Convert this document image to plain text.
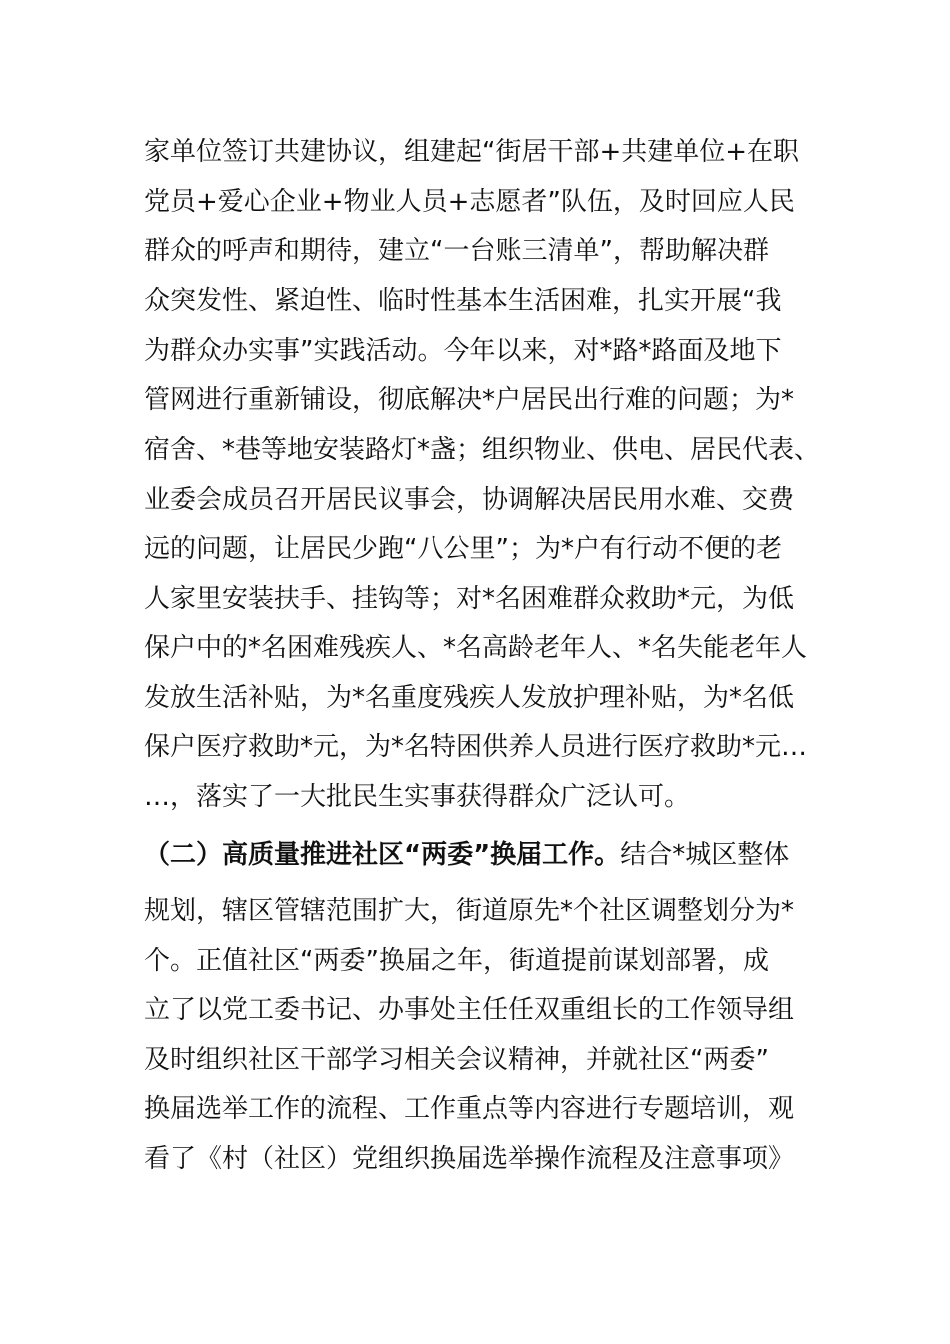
家单位签订共建协议，组建起“街居干部+共建单位+在职
党员+爱心企业+物业人员+志愿者”队伍，及时回应人民
群众的呼声和期待，建立“一台账三清单”，帮助解决群
众突发性、紧迫性、临时性基本生活困难，扎实开展“我
为群众办实事”实践活动。今年以来，对*路*路面及地下
管网进行重新铺设，彻底解决*户居民出行难的问题；为*
宿舍、*巷等地安装路灯*盏；组织物业、供电、居民代表、
业委会成员召开居民议事会，协调解决居民用水难、交费
远的问题，让居民少跑“八公里”；为*户有行动不便的老
人家里安装扶手、挂钩等；对*名困难群众救助*元，为低
保户中的*名困难残疾人、*名高龄老年人、*名失能老年人
发放生活补贴，为*名重度残疾人发放护理补贴，为*名低
保户医疗救助*元，为*名特困供养人员进行医疗救助*元…
…，落实了一大批民生实事获得群众广泛认可。
（二）高质量推进社区“两委”换届工作。结合*城区整体
规划，辖区管辖范围扩大，街道原先*个社区调整划分为*
个。正值社区“两委”换届之年，街道提前谋划部署，成
立了以党工委书记、办事处主任任双重组长的工作领导组
及时组织社区干部学习相关会议精神，并就社区“两委”
换届选举工作的流程、工作重点等内容进行专题培训，观
看了《村（社区）党组织换届选举操作流程及注意事项》
